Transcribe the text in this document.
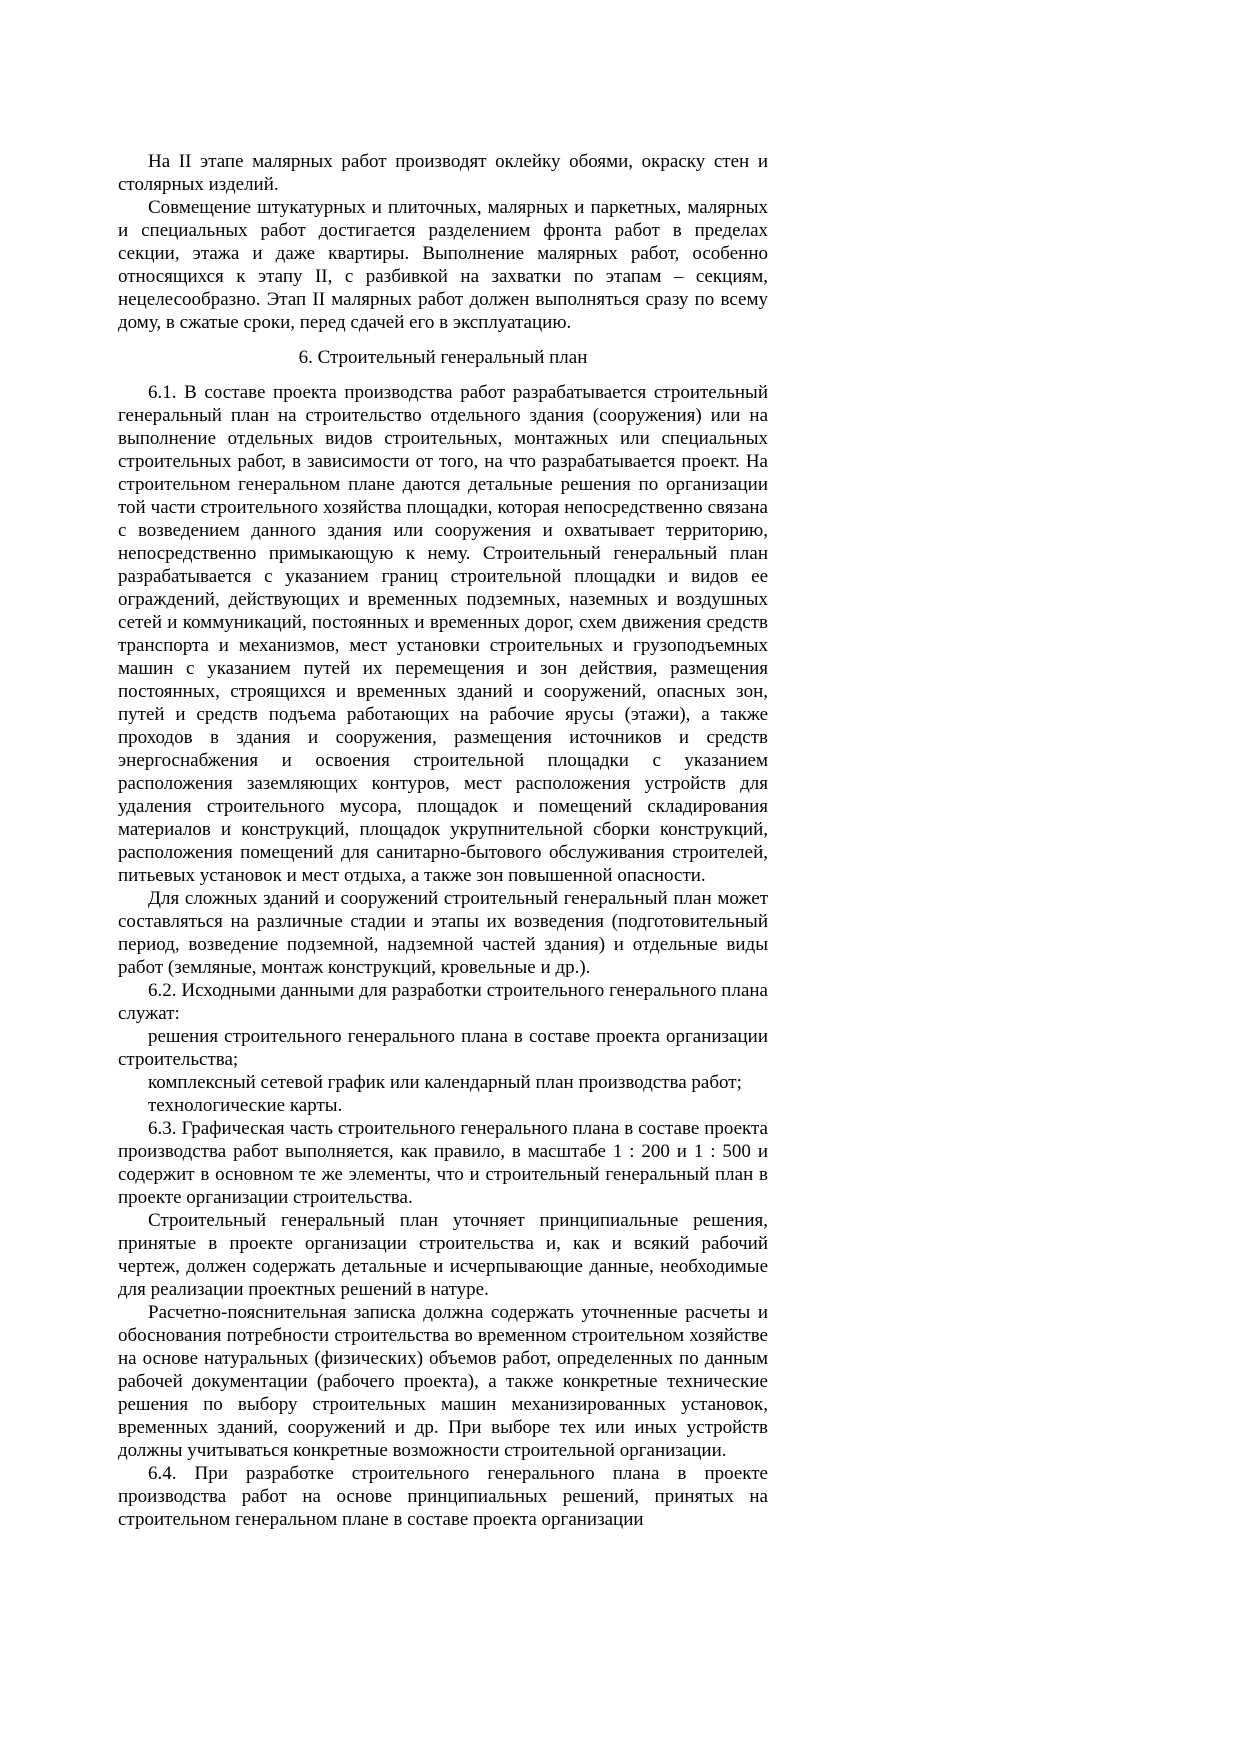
На II этапе малярных работ производят оклейку обоями, окраску стен и столярных изделий.

Совмещение штукатурных и плиточных, малярных и паркетных, малярных и специальных работ достигается разделением фронта работ в пределах секции, этажа и даже квартиры. Выполнение малярных работ, особенно относящихся к этапу II, с разбивкой на захватки по этапам – секциям, нецелесообразно. Этап II малярных работ должен выполняться сразу по всему дому, в сжатые сроки, перед сдачей его в эксплуатацию.

6. Строительный генеральный план

6.1. В составе проекта производства работ разрабатывается строительный генеральный план на строительство отдельного здания (сооружения) или на выполнение отдельных видов строительных, монтажных или специальных строительных работ, в зависимости от того, на что разрабатывается проект. На строительном генеральном плане даются детальные решения по организации той части строительного хозяйства площадки, которая непосредственно связана с возведением данного здания или сооружения и охватывает территорию, непосредственно примыкающую к нему. Строительный генеральный план разрабатывается с указанием границ строительной площадки и видов ее ограждений, действующих и временных подземных, наземных и воздушных сетей и коммуникаций, постоянных и временных дорог, схем движения средств транспорта и механизмов, мест установки строительных и грузоподъемных машин с указанием путей их перемещения и зон действия, размещения постоянных, строящихся и временных зданий и сооружений, опасных зон, путей и средств подъема работающих на рабочие ярусы (этажи), а также проходов в здания и сооружения, размещения источников и средств энергоснабжения и освоения строительной площадки с указанием расположения заземляющих контуров, мест расположения устройств для удаления строительного мусора, площадок и помещений складирования материалов и конструкций, площадок укрупнительной сборки конструкций, расположения помещений для санитарно-бытового обслуживания строителей, питьевых установок и мест отдыха, а также зон повышенной опасности.

Для сложных зданий и сооружений строительный генеральный план может составляться на различные стадии и этапы их возведения (подготовительный период, возведение подземной, надземной частей здания) и отдельные виды работ (земляные, монтаж конструкций, кровельные и др.).

6.2. Исходными данными для разработки строительного генерального плана служат:

решения строительного генерального плана в составе проекта организации строительства;

комплексный сетевой график или календарный план производства работ;

технологические карты.

6.3. Графическая часть строительного генерального плана в составе проекта производства работ выполняется, как правило, в масштабе 1 : 200 и 1 : 500 и содержит в основном те же элементы, что и строительный генеральный план в проекте организации строительства.

Строительный генеральный план уточняет принципиальные решения, принятые в проекте организации строительства и, как и всякий рабочий чертеж, должен содержать детальные и исчерпывающие данные, необходимые для реализации проектных решений в натуре.

Расчетно-пояснительная записка должна содержать уточненные расчеты и обоснования потребности строительства во временном строительном хозяйстве на основе натуральных (физических) объемов работ, определенных по данным рабочей документации (рабочего проекта), а также конкретные технические решения по выбору строительных машин механизированных установок, временных зданий, сооружений и др. При выборе тех или иных устройств должны учитываться конкретные возможности строительной организации.

6.4. При разработке строительного генерального плана в проекте производства работ на основе принципиальных решений, принятых на строительном генеральном плане в составе проекта организации
